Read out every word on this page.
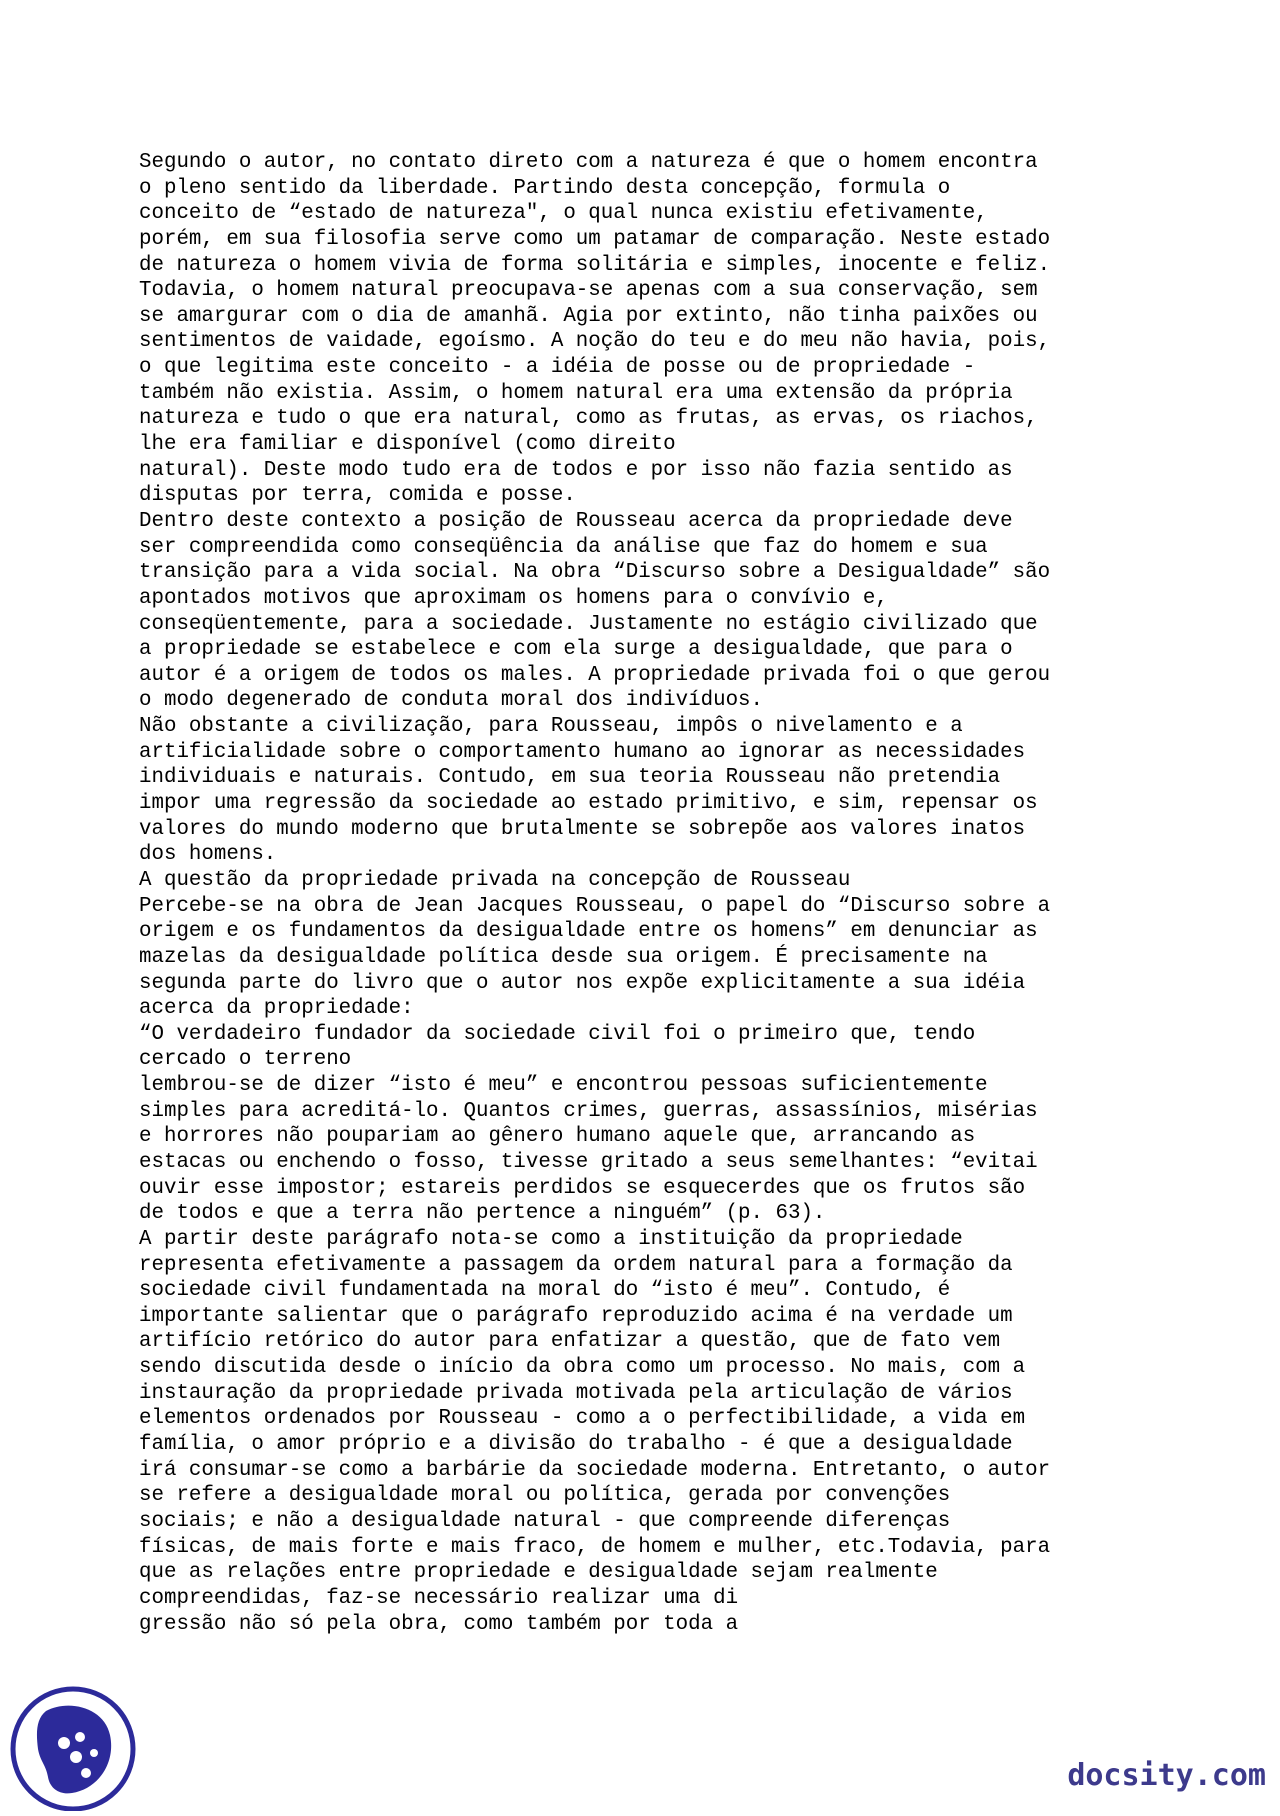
Segundo o autor, no contato direto com a natureza é que o homem encontra
o pleno sentido da liberdade. Partindo desta concepção, formula o
conceito de “estado de natureza", o qual nunca existiu efetivamente,
porém, em sua filosofia serve como um patamar de comparação. Neste estado
de natureza o homem vivia de forma solitária e simples, inocente e feliz.
Todavia, o homem natural preocupava-se apenas com a sua conservação, sem
se amargurar com o dia de amanhã. Agia por extinto, não tinha paixões ou
sentimentos de vaidade, egoísmo. A noção do teu e do meu não havia, pois,
o que legitima este conceito - a idéia de posse ou de propriedade -
também não existia. Assim, o homem natural era uma extensão da própria
natureza e tudo o que era natural, como as frutas, as ervas, os riachos,
lhe era familiar e disponível (como direito
natural). Deste modo tudo era de todos e por isso não fazia sentido as
disputas por terra, comida e posse.
Dentro deste contexto a posição de Rousseau acerca da propriedade deve
ser compreendida como conseqüência da análise que faz do homem e sua
transição para a vida social. Na obra “Discurso sobre a Desigualdade” são
apontados motivos que aproximam os homens para o convívio e,
conseqüentemente, para a sociedade. Justamente no estágio civilizado que
a propriedade se estabelece e com ela surge a desigualdade, que para o
autor é a origem de todos os males. A propriedade privada foi o que gerou
o modo degenerado de conduta moral dos indivíduos.
Não obstante a civilização, para Rousseau, impôs o nivelamento e a
artificialidade sobre o comportamento humano ao ignorar as necessidades
individuais e naturais. Contudo, em sua teoria Rousseau não pretendia
impor uma regressão da sociedade ao estado primitivo, e sim, repensar os
valores do mundo moderno que brutalmente se sobrepõe aos valores inatos
dos homens.
A questão da propriedade privada na concepção de Rousseau
Percebe-se na obra de Jean Jacques Rousseau, o papel do “Discurso sobre a
origem e os fundamentos da desigualdade entre os homens” em denunciar as
mazelas da desigualdade política desde sua origem. É precisamente na
segunda parte do livro que o autor nos expõe explicitamente a sua idéia
acerca da propriedade:
“O verdadeiro fundador da sociedade civil foi o primeiro que, tendo
cercado o terreno
lembrou-se de dizer “isto é meu” e encontrou pessoas suficientemente
simples para acreditá-lo. Quantos crimes, guerras, assassínios, misérias
e horrores não poupariam ao gênero humano aquele que, arrancando as
estacas ou enchendo o fosso, tivesse gritado a seus semelhantes: “evitai
ouvir esse impostor; estareis perdidos se esquecerdes que os frutos são
de todos e que a terra não pertence a ninguém” (p. 63).
A partir deste parágrafo nota-se como a instituição da propriedade
representa efetivamente a passagem da ordem natural para a formação da
sociedade civil fundamentada na moral do “isto é meu”. Contudo, é
importante salientar que o parágrafo reproduzido acima é na verdade um
artifício retórico do autor para enfatizar a questão, que de fato vem
sendo discutida desde o início da obra como um processo. No mais, com a
instauração da propriedade privada motivada pela articulação de vários
elementos ordenados por Rousseau - como a o perfectibilidade, a vida em
família, o amor próprio e a divisão do trabalho - é que a desigualdade
irá consumar-se como a barbárie da sociedade moderna. Entretanto, o autor
se refere a desigualdade moral ou política, gerada por convenções
sociais; e não a desigualdade natural - que compreende diferenças
físicas, de mais forte e mais fraco, de homem e mulher, etc.Todavia, para
que as relações entre propriedade e desigualdade sejam realmente
compreendidas, faz-se necessário realizar uma di
gressão não só pela obra, como também por toda a
docsity.com
